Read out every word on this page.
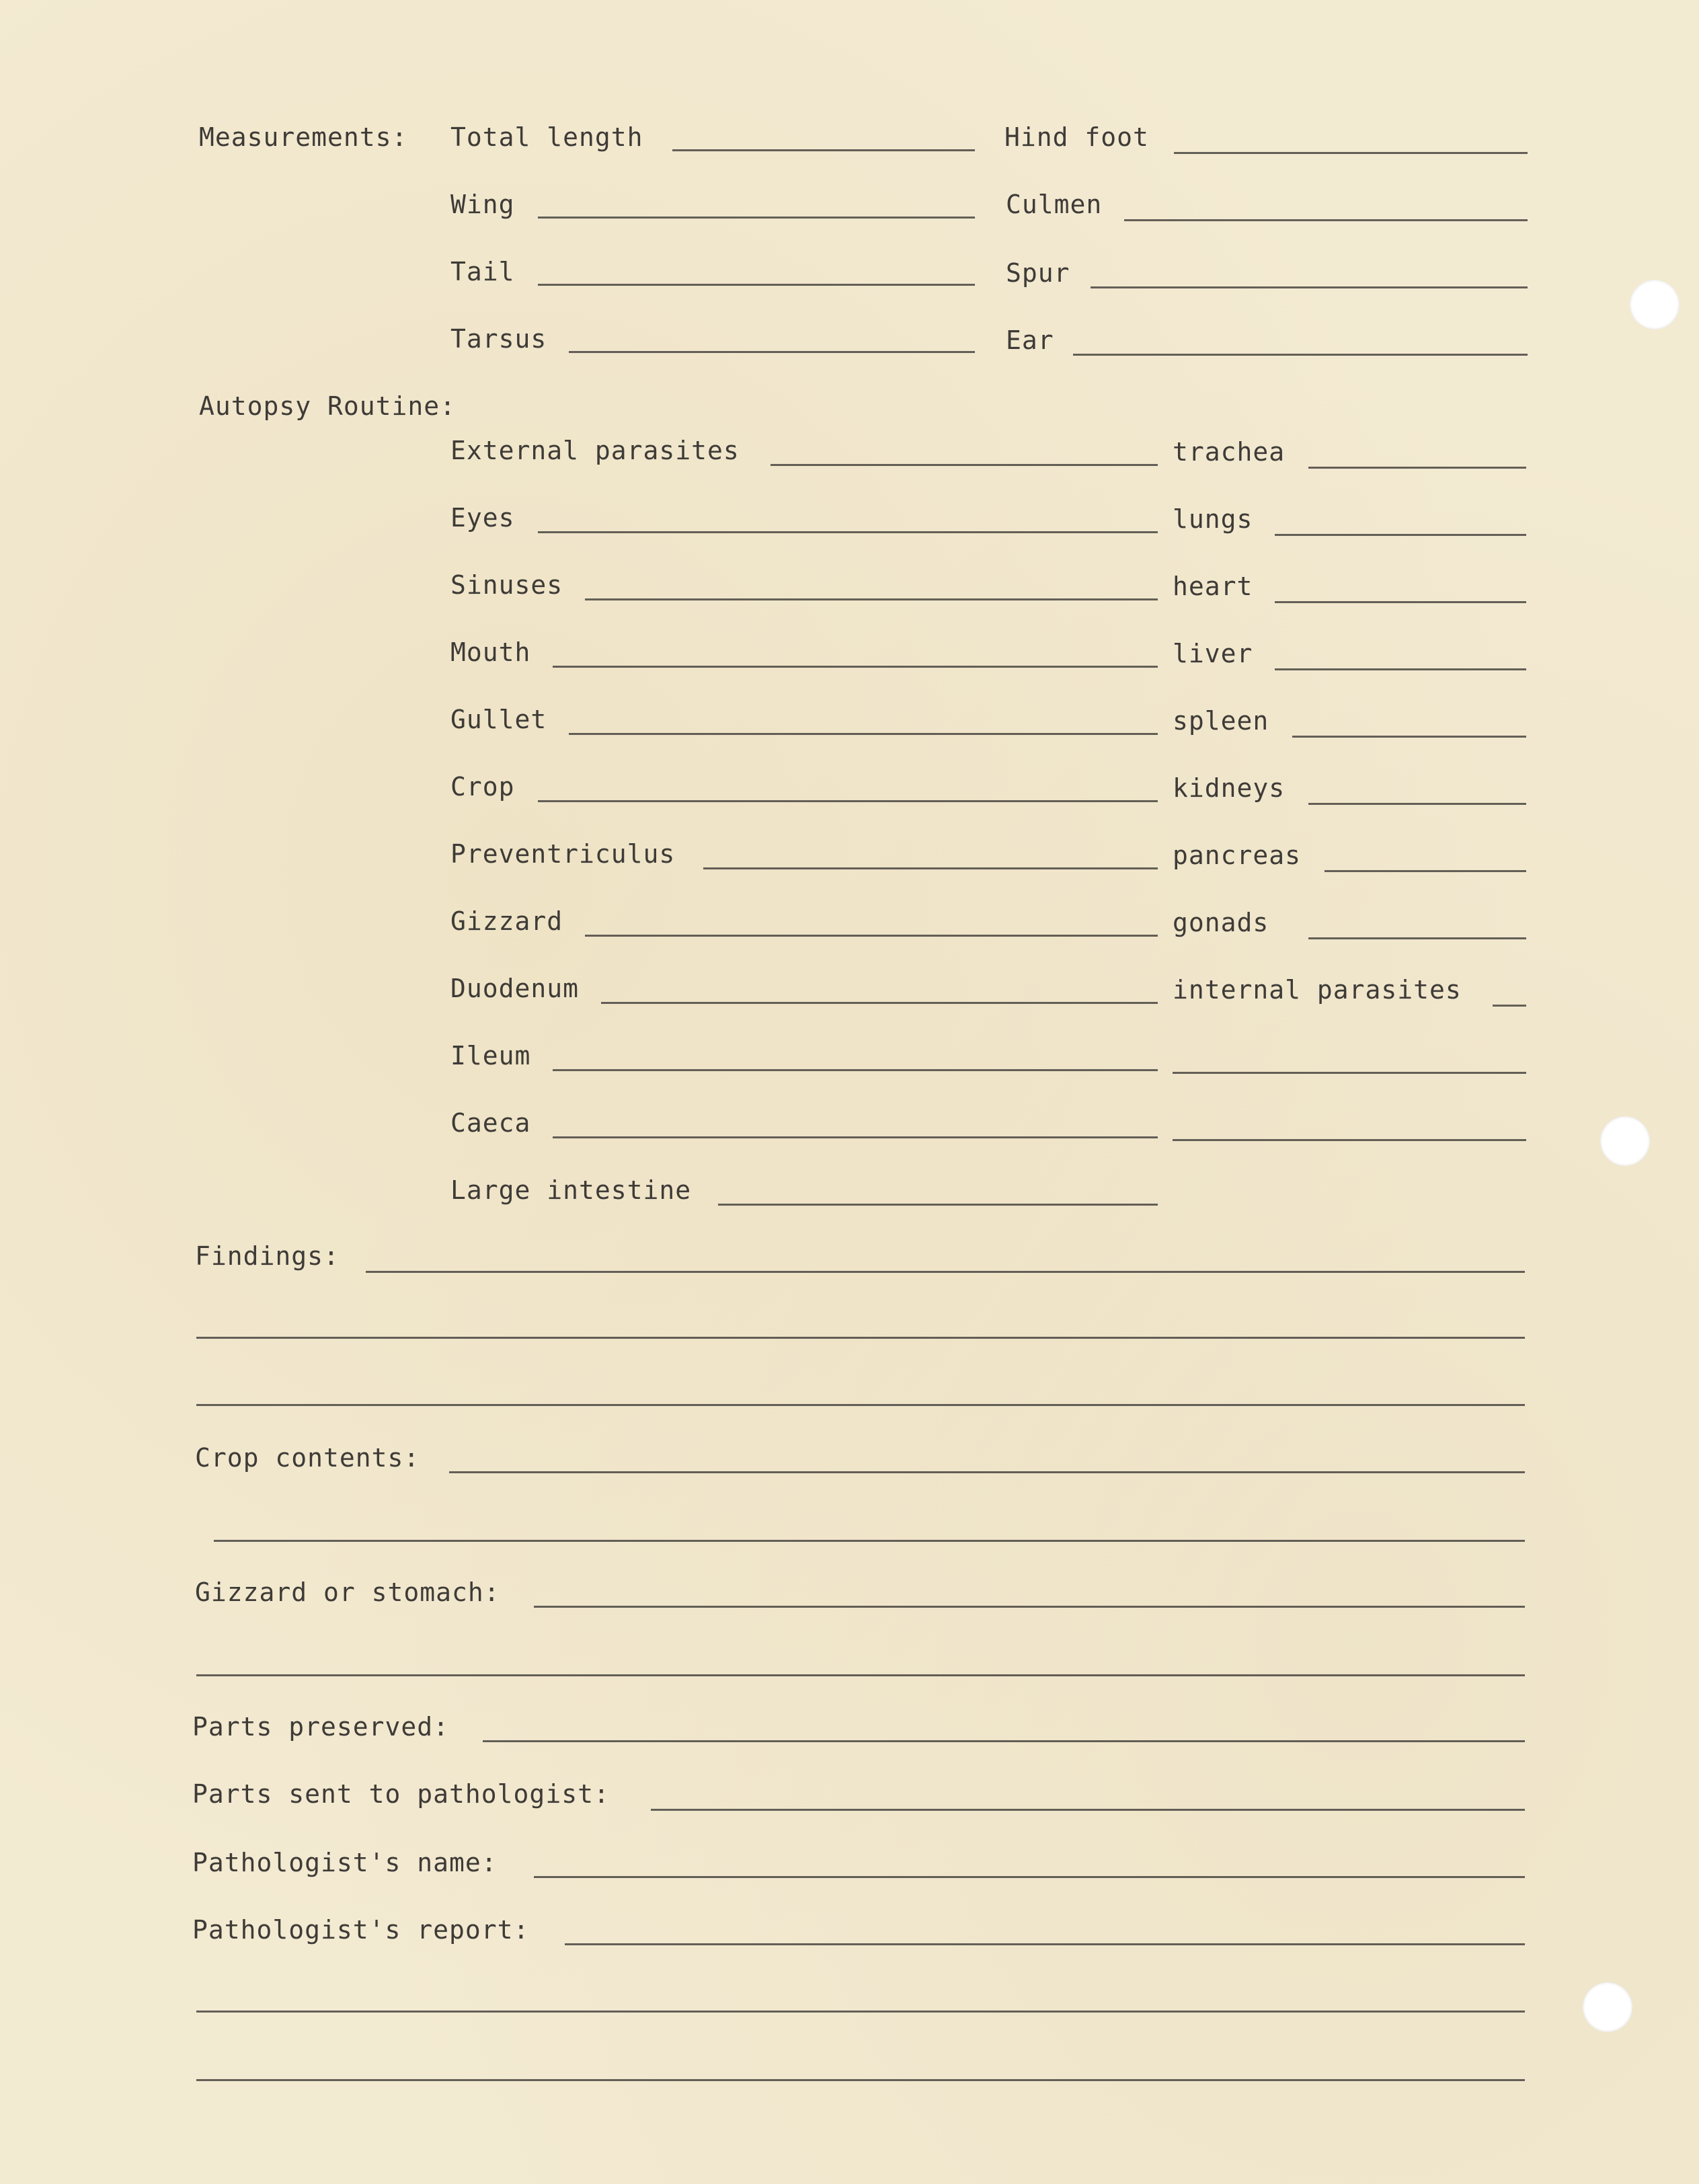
Measurements: Total length	Hind foot
Wing	Culmen
Tail	Spur
Tarsus	Ear
Autopsy Routine:
External parasites	trachea
Eyes	lungs
Sinuses	heart
Mouth	liver
Gullet	spleen
Crop	kidneys
Preventriculus	pancreas
Gizzard	gonads
Duodenum	internal parasites
Ileum
Caeca
Large intestine
Findings:
Crop contents:
Gizzard or stomach:
Parts preserved:
Parts sent to pathologist:
Pathologist's name:
Pathologist's report:
